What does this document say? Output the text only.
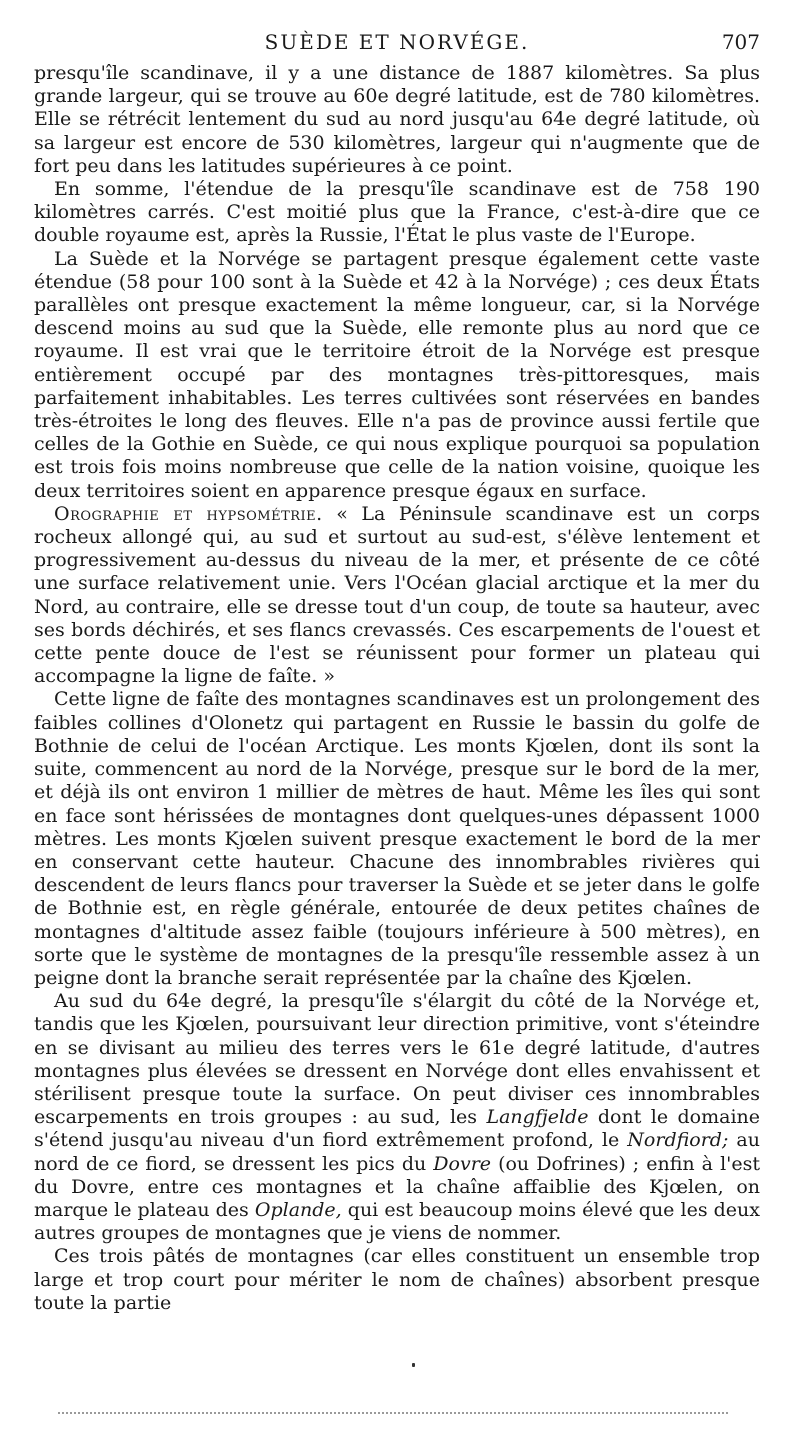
SUÈDE ET NORVÉGE.	707

presqu'île scandinave, il y a une distance de 1887 kilomètres. Sa plus grande largeur, qui se trouve au 60e degré latitude, est de 780 kilomètres. Elle se rétrécit lentement du sud au nord jusqu'au 64e degré latitude, où sa largeur est encore de 530 kilomètres, largeur qui n'augmente que de fort peu dans les latitudes supérieures à ce point.

En somme, l'étendue de la presqu'île scandinave est de 758 190 kilomètres carrés. C'est moitié plus que la France, c'est-à-dire que ce double royaume est, après la Russie, l'État le plus vaste de l'Europe.

La Suède et la Norvége se partagent presque également cette vaste étendue (58 pour 100 sont à la Suède et 42 à la Norvége) ; ces deux États parallèles ont presque exactement la même longueur, car, si la Norvége descend moins au sud que la Suède, elle remonte plus au nord que ce royaume. Il est vrai que le territoire étroit de la Norvége est presque entièrement occupé par des montagnes très-pittoresques, mais parfaitement inhabitables. Les terres cultivées sont réservées en bandes très-étroites le long des fleuves. Elle n'a pas de province aussi fertile que celles de la Gothie en Suède, ce qui nous explique pourquoi sa population est trois fois moins nombreuse que celle de la nation voisine, quoique les deux territoires soient en apparence presque égaux en surface.

Orographie et hypsométrie. « La Péninsule scandinave est un corps rocheux allongé qui, au sud et surtout au sud-est, s'élève lentement et progressivement au-dessus du niveau de la mer, et présente de ce côté une surface relativement unie. Vers l'Océan glacial arctique et la mer du Nord, au contraire, elle se dresse tout d'un coup, de toute sa hauteur, avec ses bords déchirés, et ses flancs crevassés. Ces escarpements de l'ouest et cette pente douce de l'est se réunissent pour former un plateau qui accompagne la ligne de faîte. »

Cette ligne de faîte des montagnes scandinaves est un prolongement des faibles collines d'Olonetz qui partagent en Russie le bassin du golfe de Bothnie de celui de l'océan Arctique. Les monts Kjœlen, dont ils sont la suite, commencent au nord de la Norvége, presque sur le bord de la mer, et déjà ils ont environ 1 millier de mètres de haut. Même les îles qui sont en face sont hérissées de montagnes dont quelques-unes dépassent 1000 mètres. Les monts Kjœlen suivent presque exactement le bord de la mer en conservant cette hauteur. Chacune des innombrables rivières qui descendent de leurs flancs pour traverser la Suède et se jeter dans le golfe de Bothnie est, en règle générale, entourée de deux petites chaînes de montagnes d'altitude assez faible (toujours inférieure à 500 mètres), en sorte que le système de montagnes de la presqu'île ressemble assez à un peigne dont la branche serait représentée par la chaîne des Kjœlen.

Au sud du 64e degré, la presqu'île s'élargit du côté de la Norvége et, tandis que les Kjœlen, poursuivant leur direction primitive, vont s'éteindre en se divisant au milieu des terres vers le 61e degré latitude, d'autres montagnes plus élevées se dressent en Norvége dont elles envahissent et stérilisent presque toute la surface. On peut diviser ces innombrables escarpements en trois groupes : au sud, les Langfjelde dont le domaine s'étend jusqu'au niveau d'un fiord extrêmement profond, le Nordfiord; au nord de ce fiord, se dressent les pics du Dovre (ou Dofrines) ; enfin à l'est du Dovre, entre ces montagnes et la chaîne affaiblie des Kjœlen, on marque le plateau des Oplande, qui est beaucoup moins élevé que les deux autres groupes de montagnes que je viens de nommer.

Ces trois pâtés de montagnes (car elles constituent un ensemble trop large et trop court pour mériter le nom de chaînes) absorbent presque toute la partie
